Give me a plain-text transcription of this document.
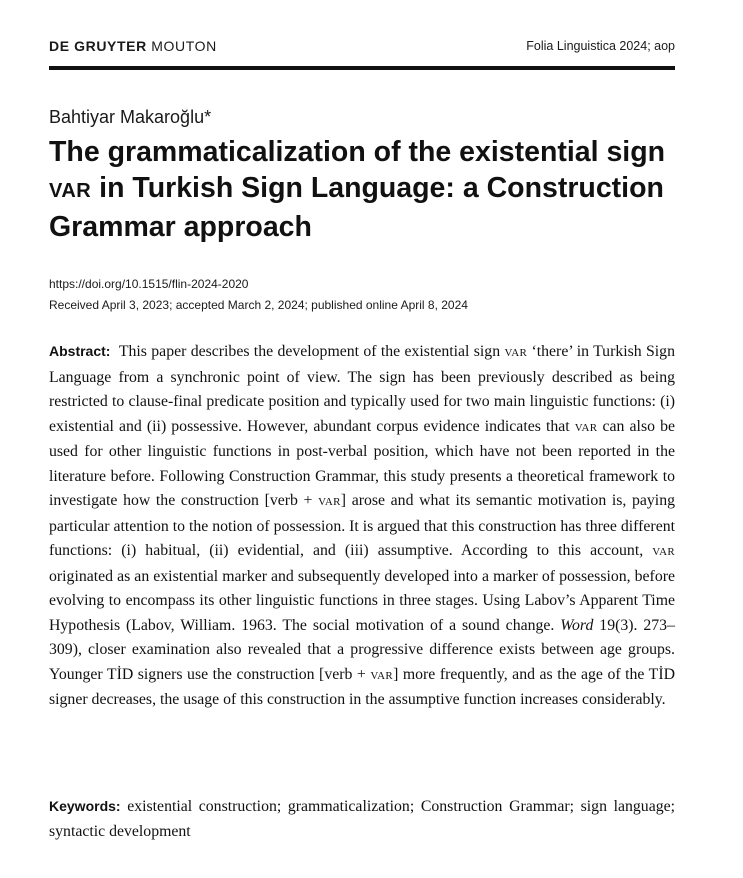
DE GRUYTER MOUTON	Folia Linguistica 2024; aop
Bahtiyar Makaroğlu*
The grammaticalization of the existential sign VAR in Turkish Sign Language: a Construction Grammar approach
https://doi.org/10.1515/flin-2024-2020
Received April 3, 2023; accepted March 2, 2024; published online April 8, 2024

Abstract: This paper describes the development of the existential sign VAR ‘there’ in Turkish Sign Language from a synchronic point of view. The sign has been previously described as being restricted to clause-final predicate position and typically used for two main linguistic functions: (i) existential and (ii) possessive. However, abundant corpus evidence indicates that VAR can also be used for other linguistic functions in post-verbal position, which have not been reported in the literature before. Following Construction Grammar, this study presents a theoretical framework to investigate how the construction [verb + VAR] arose and what its semantic motivation is, paying particular attention to the notion of possession. It is argued that this construction has three different functions: (i) habitual, (ii) evidential, and (iii) assumptive. According to this account, VAR originated as an existential marker and subsequently developed into a marker of possession, before evolving to encompass its other linguistic functions in three stages. Using Labov’s Apparent Time Hypothesis (Labov, William. 1963. The social motivation of a sound change. Word 19(3). 273–309), closer examination also revealed that a progressive difference exists between age groups. Younger TİD signers use the construction [verb + VAR] more frequently, and as the age of the TİD signer decreases, the usage of this construction in the assumptive function increases considerably.

Keywords: existential construction; grammaticalization; Construction Grammar; sign language; syntactic development
